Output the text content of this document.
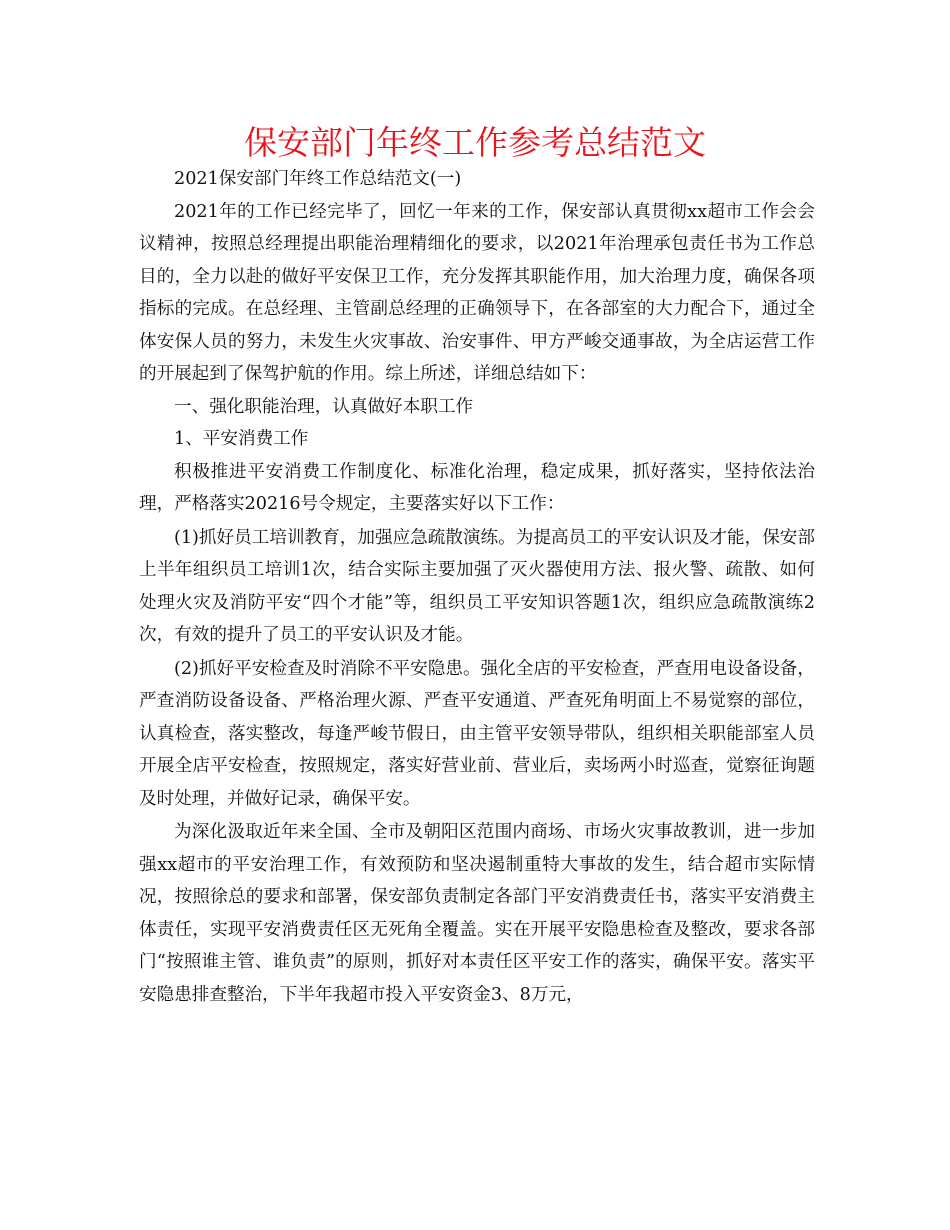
保安部门年终工作参考总结范文

2021保安部门年终工作总结范文(一)

2021年的工作已经完毕了，回忆一年来的工作，保安部认真贯彻xx超市工作会会议精神，按照总经理提出职能治理精细化的要求，以2021年治理承包责任书为工作总目的，全力以赴的做好平安保卫工作，充分发挥其职能作用，加大治理力度，确保各项指标的完成。在总经理、主管副总经理的正确领导下，在各部室的大力配合下，通过全体安保人员的努力，未发生火灾事故、治安事件、甲方严峻交通事故，为全店运营工作的开展起到了保驾护航的作用。综上所述，详细总结如下：

一、强化职能治理，认真做好本职工作

1、平安消费工作

积极推进平安消费工作制度化、标准化治理，稳定成果，抓好落实，坚持依法治理，严格落实20216号令规定，主要落实好以下工作：

(1)抓好员工培训教育，加强应急疏散演练。为提高员工的平安认识及才能，保安部上半年组织员工培训1次，结合实际主要加强了灭火器使用方法、报火警、疏散、如何处理火灾及消防平安“四个才能”等，组织员工平安知识答题1次，组织应急疏散演练2次，有效的提升了员工的平安认识及才能。

(2)抓好平安检查及时消除不平安隐患。强化全店的平安检查，严查用电设备设备，严查消防设备设备、严格治理火源、严查平安通道、严查死角明面上不易觉察的部位，认真检查，落实整改，每逢严峻节假日，由主管平安领导带队，组织相关职能部室人员开展全店平安检查，按照规定，落实好营业前、营业后，卖场两小时巡查，觉察征询题及时处理，并做好记录，确保平安。

为深化汲取近年来全国、全市及朝阳区范围内商场、市场火灾事故教训，进一步加强xx超市的平安治理工作，有效预防和坚决遏制重特大事故的发生，结合超市实际情况，按照徐总的要求和部署，保安部负责制定各部门平安消费责任书，落实平安消费主体责任，实现平安消费责任区无死角全覆盖。实在开展平安隐患检查及整改，要求各部门“按照谁主管、谁负责”的原则，抓好对本责任区平安工作的落实，确保平安。落实平安隐患排查整治，下半年我超市投入平安资金3、8万元，
